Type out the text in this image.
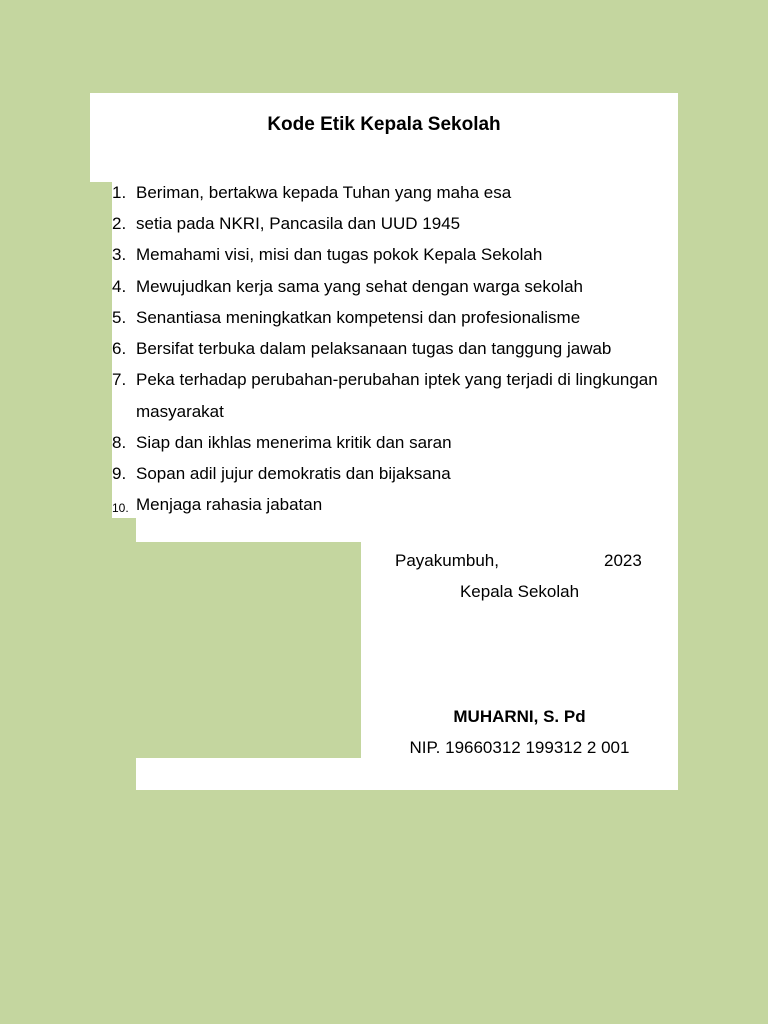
Kode Etik Kepala Sekolah
1. Beriman, bertakwa kepada Tuhan yang maha esa
2. setia pada NKRI, Pancasila dan UUD 1945
3. Memahami visi, misi dan tugas pokok Kepala Sekolah
4. Mewujudkan kerja sama yang sehat dengan warga sekolah
5. Senantiasa meningkatkan kompetensi dan profesionalisme
6. Bersifat terbuka dalam pelaksanaan tugas dan tanggung jawab
7. Peka terhadap perubahan-perubahan iptek yang terjadi di lingkungan
masyarakat
8. Siap dan ikhlas menerima kritik dan saran
9. Sopan adil jujur demokratis dan bijaksana
10. Menjaga rahasia jabatan
Payakumbuh,	2023
Kepala Sekolah
MUHARNI, S. Pd
NIP. 19660312 199312 2 001
